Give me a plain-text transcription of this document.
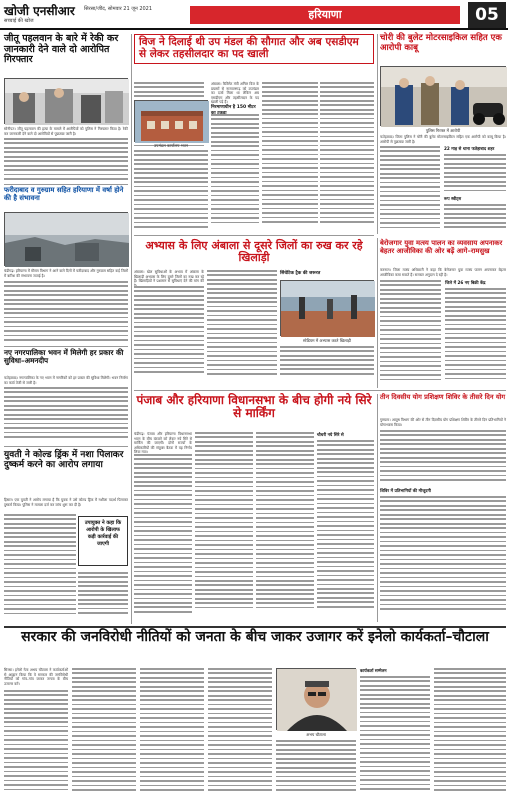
खोजी एनसीआर
सच्चाई की खोज
सिरसा/जींद, सोमवार 21 जून 2021	हरियाणा	05
जीतू पहलवान के बारे में रेकी कर जानकारी देने वाले दो आरोपित गिरफ्तार
सोनीपत। जीतू पहलवान की हत्या के मामले में आरोपियों को पुलिस ने गिरफ्तार किया है। रेकी कर जानकारी देने वाले दो आरोपियों से पूछताछ जारी है।
फरीदाबाद व गुरुग्राम सहित हरियाणा में वर्षा होने की है संभावना
चंडीगढ़। हरियाणा में मौसम विभाग ने आने वाले दिनों में फरीदाबाद और गुरुग्राम सहित कई जिलों में बारिश की संभावना जताई है।
नए नगरपालिका भवन में मिलेगी हर प्रकार की सुविधा–अमनदीप
फतेहाबाद। नगरपालिका के नए भवन में नागरिकों को हर प्रकार की सुविधा मिलेगी। भवन निर्माण का कार्य तेजी से जारी है।
युवती ने कोल्ड ड्रिंक में नशा पिलाकर दुष्कर्म करने का आरोप लगाया
हिसार। एक युवती ने आरोप लगाया है कि युवक ने उसे कोल्ड ड्रिंक में नशीला पदार्थ पिलाकर दुष्कर्म किया। पुलिस ने मामला दर्ज कर जांच शुरू कर दी है।
उपायुक्त ने कहा कि आरोपी के खिलाफ कड़ी कार्रवाई की जाएगी
विज ने दिलाई थी उप मंडल की सौगात और अब एसडीएम से लेकर तहसीलदार का पद खाली
उपमंडल कार्यालय भवन
अंबाला। कैबिनेट मंत्री अनिल विज के प्रयासों से नारायणगढ़ को उपमंडल का दर्जा मिला था लेकिन अब एसडीएम और तहसीलदार के पद खाली पड़े हैं।
निरमाणाधीन है 150 मीटर
चोरी की बुलेट मोटरसाइकिल सहित एक आरोपी काबू
पुलिस गिरफ्त में आरोपी
फतेहाबाद। जिला पुलिस ने चोरी की बुलेट मोटरसाइकिल सहित एक आरोपी को काबू किया है। आरोपी से पूछताछ जारी है।
22 माह से थाना फतेहाबाद शहर
रूप स्वीट्स
अभ्यास के लिए अंबाला से दूसरे जिलों का रुख कर रहे खिलाड़ी
अंबाला। खेल सुविधाओं के अभाव में अंबाला के खिलाड़ी अभ्यास के लिए दूसरे जिलों का रुख कर रहे हैं। खिलाड़ियों ने प्रशासन से सुविधाएं देने की मांग की
सिंथेटिक ट्रैक की जरूरत
स्टेडियम में अभ्यास करते खिलाड़ी
बेरोजगार युवा मत्स्य पालन का व्यवसाय अपनाकर बेहतर आजीविका की ओर बढ़ें आगे–रामसुख
करनाल। जिला मत्स्य अधिकारी ने कहा कि बेरोजगार युवा मत्स्य पालन अपनाकर बेहतर आजीविका कमा सकते हैं। सरकार अनुदान दे रही है।
जिले में 26 नए बिक्री केंद्र
पंजाब और हरियाणा विधानसभा के बीच होगी नये सिरे से मार्किंग
चंडीगढ़। पंजाब और हरियाणा विधानसभा भवन के बीच बंटवारे को लेकर नये सिरे से मार्किंग की जाएगी। दोनों राज्यों के अधिकारियों की संयुक्त बैठक में यह निर्णय लिया गया।
चौधरी नये सिरे से
तीन दिवसीय योग प्रशिक्षण शिविर के तीसरे दिन योग
गुरुग्राम। आयुष विभाग की ओर से तीन दिवसीय योग प्रशिक्षण शिविर के तीसरे दिन प्रतिभागियों ने योगाभ्यास किया।
शिविर में प्रतिभागियों की मौजूदगी
सरकार की जनविरोधी नीतियों को जनता के बीच जाकर उजागर करें इनेलो कार्यकर्ता–चौटाला
सिरसा। इनेलो नेता अभय चौटाला ने कार्यकर्ताओं से आह्वान किया कि वे सरकार की जनविरोधी नीतियों को गांव–गांव जाकर जनता के बीच उजागर करें।
अभय चौटाला
कार्यकर्ता सम्मेलन
